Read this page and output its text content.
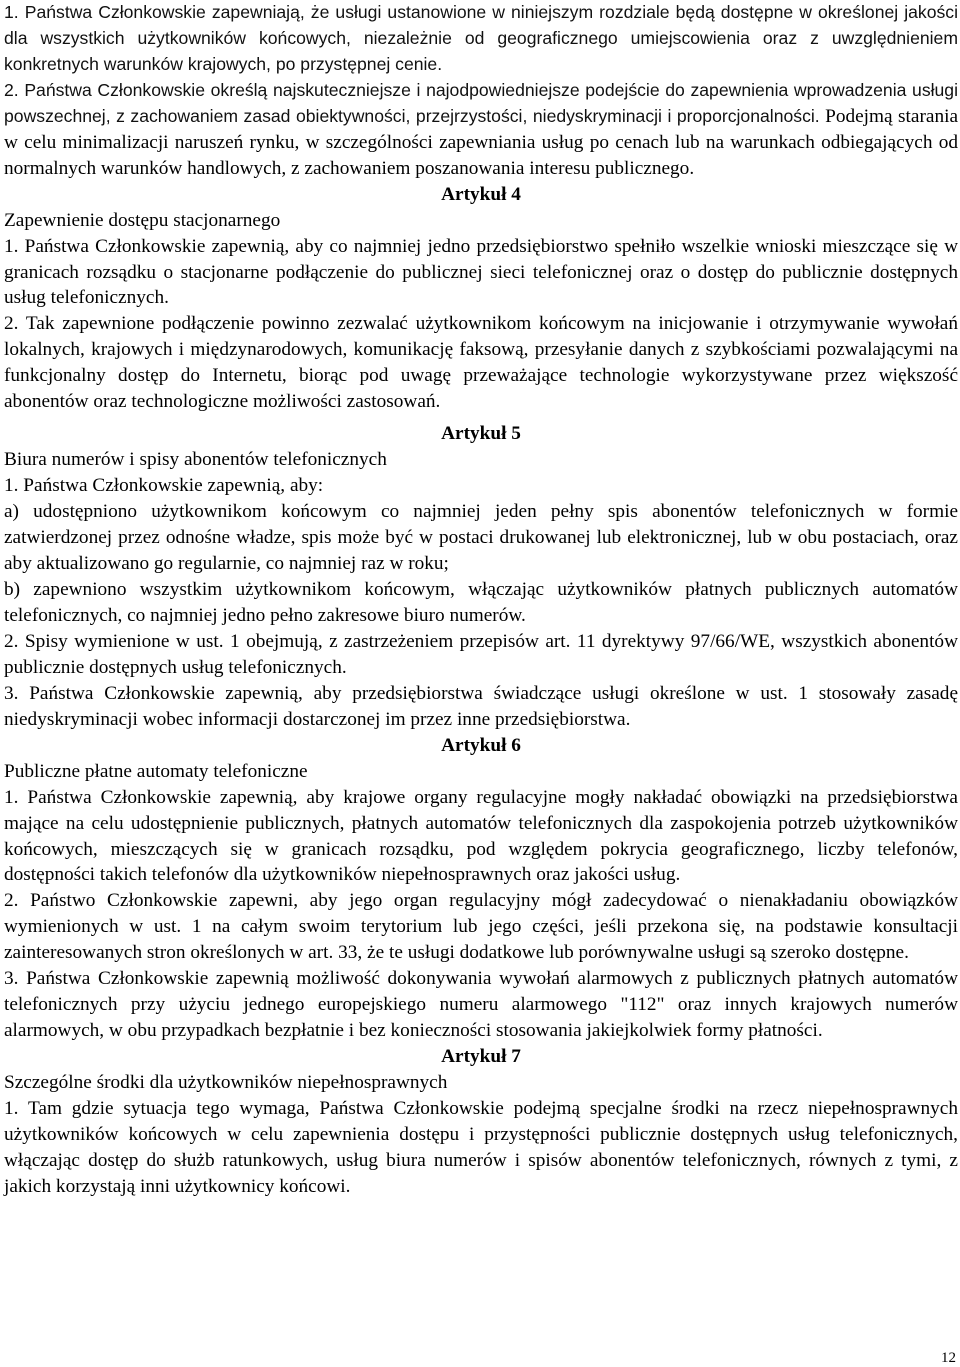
1. Państwa Członkowskie zapewniają, że usługi ustanowione w niniejszym rozdziale będą dostępne w określonej jakości dla wszystkich użytkowników końcowych, niezależnie od geograficznego umiejscowienia oraz z uwzględnieniem konkretnych warunków krajowych, po przystępnej cenie.

2. Państwa Członkowskie określą najskuteczniejsze i najodpowiedniejsze podejście do zapewnienia wprowadzenia usługi powszechnej, z zachowaniem zasad obiektywności, przejrzystości, niedyskryminacji i proporcjonalności. Podejmą starania w celu minimalizacji naruszeń rynku, w szczególności zapewniania usług po cenach lub na warunkach odbiegających od normalnych warunków handlowych, z zachowaniem poszanowania interesu publicznego.

Artykuł 4

Zapewnienie dostępu stacjonarnego

1. Państwa Członkowskie zapewnią, aby co najmniej jedno przedsiębiorstwo spełniło wszelkie wnioski mieszczące się w granicach rozsądku o stacjonarne podłączenie do publicznej sieci telefonicznej oraz o dostęp do publicznie dostępnych usług telefonicznych.

2. Tak zapewnione podłączenie powinno zezwalać użytkownikom końcowym na inicjowanie i otrzymywanie wywołań lokalnych, krajowych i międzynarodowych, komunikację faksową, przesyłanie danych z szybkościami pozwalającymi na funkcjonalny dostęp do Internetu, biorąc pod uwagę przeważające technologie wykorzystywane przez większość abonentów oraz technologiczne możliwości zastosowań.

Artykuł 5

Biura numerów i spisy abonentów telefonicznych

1. Państwa Członkowskie zapewnią, aby:

a) udostępniono użytkownikom końcowym co najmniej jeden pełny spis abonentów telefonicznych w formie zatwierdzonej przez odnośne władze, spis może być w postaci drukowanej lub elektronicznej, lub w obu postaciach, oraz aby aktualizowano go regularnie, co najmniej raz w roku;

b) zapewniono wszystkim użytkownikom końcowym, włączając użytkowników płatnych publicznych automatów telefonicznych, co najmniej jedno pełno zakresowe biuro numerów.

2. Spisy wymienione w ust. 1 obejmują, z zastrzeżeniem przepisów art. 11 dyrektywy 97/66/WE, wszystkich abonentów publicznie dostępnych usług telefonicznych.

3. Państwa Członkowskie zapewnią, aby przedsiębiorstwa świadczące usługi określone w ust. 1 stosowały zasadę niedyskryminacji wobec informacji dostarczonej im przez inne przedsiębiorstwa.

Artykuł 6

Publiczne płatne automaty telefoniczne

1. Państwa Członkowskie zapewnią, aby krajowe organy regulacyjne mogły nakładać obowiązki na przedsiębiorstwa mające na celu udostępnienie publicznych, płatnych automatów telefonicznych dla zaspokojenia potrzeb użytkowników końcowych, mieszczących się w granicach rozsądku, pod względem pokrycia geograficznego, liczby telefonów, dostępności takich telefonów dla użytkowników niepełnosprawnych oraz jakości usług.

2. Państwo Członkowskie zapewni, aby jego organ regulacyjny mógł zadecydować o nienakładaniu obowiązków wymienionych w ust. 1 na całym swoim terytorium lub jego części, jeśli przekona się, na podstawie konsultacji zainteresowanych stron określonych w art. 33, że te usługi dodatkowe lub porównywalne usługi są szeroko dostępne.

3. Państwa Członkowskie zapewnią możliwość dokonywania wywołań alarmowych z publicznych płatnych automatów telefonicznych przy użyciu jednego europejskiego numeru alarmowego "112" oraz innych krajowych numerów alarmowych, w obu przypadkach bezpłatnie i bez konieczności stosowania jakiejkolwiek formy płatności.

Artykuł 7

Szczególne środki dla użytkowników niepełnosprawnych

1. Tam gdzie sytuacja tego wymaga, Państwa Członkowskie podejmą specjalne środki na rzecz niepełnosprawnych użytkowników końcowych w celu zapewnienia dostępu i przystępności publicznie dostępnych usług telefonicznych, włączając dostęp do służb ratunkowych, usług biura numerów i spisów abonentów telefonicznych, równych z tymi, z jakich korzystają inni użytkownicy końcowi.

12
